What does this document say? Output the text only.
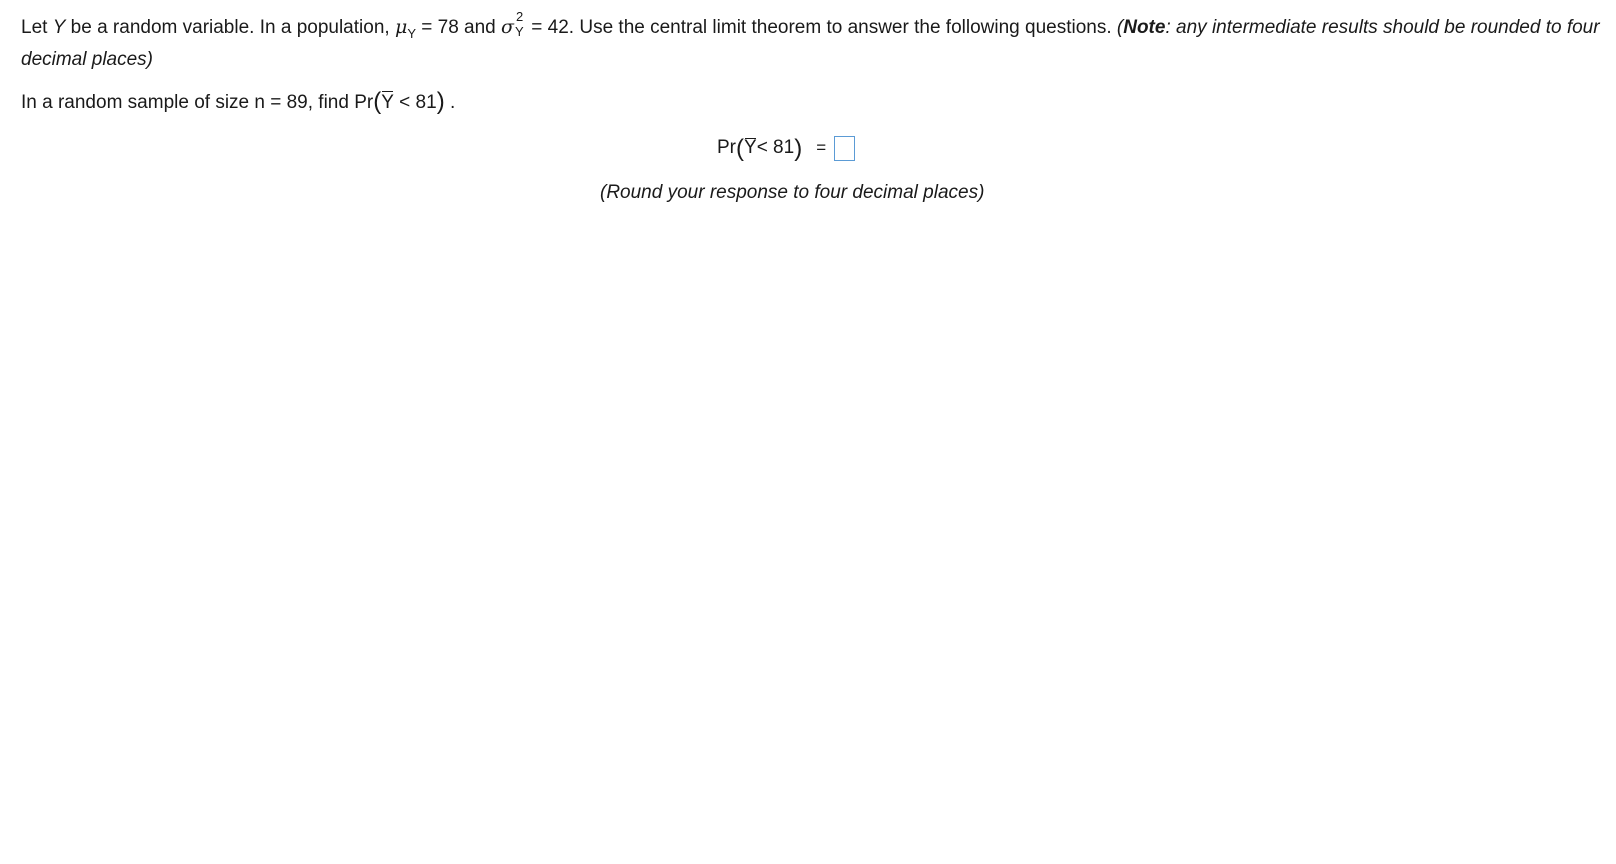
Let Y be a random variable. In a population, $\mu_Y = 78$ and σ 2
Y = 42. Use the central limit theorem to answer the following questions. (Note: any intermediate results should be rounded to four decimal places)
In a random sample of size n = 89, find Pr(Y < 81) .
Pr ( Y < 81 ) =
(Round your response to four decimal places)
